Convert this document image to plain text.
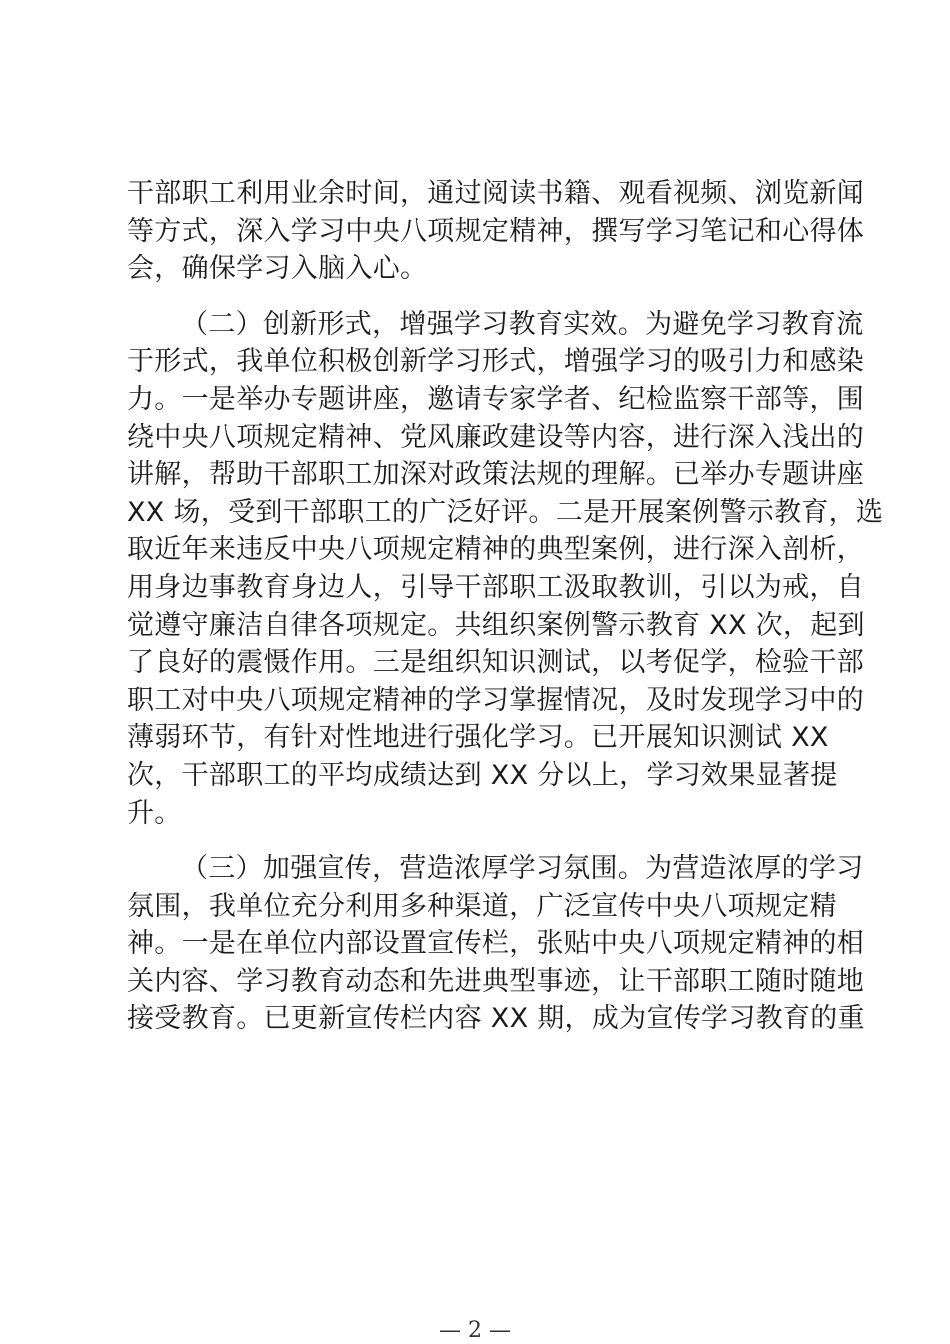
干部职工利用业余时间，通过阅读书籍、观看视频、浏览新闻
等方式，深入学习中央八项规定精神，撰写学习笔记和心得体
会，确保学习入脑入心。
（二）创新形式，增强学习教育实效。为避免学习教育流
于形式，我单位积极创新学习形式，增强学习的吸引力和感染
力。一是举办专题讲座，邀请专家学者、纪检监察干部等，围
绕中央八项规定精神、党风廉政建设等内容，进行深入浅出的
讲解，帮助干部职工加深对政策法规的理解。已举办专题讲座
XX 场，受到干部职工的广泛好评。二是开展案例警示教育，选
取近年来违反中央八项规定精神的典型案例，进行深入剖析，
用身边事教育身边人，引导干部职工汲取教训，引以为戒，自
觉遵守廉洁自律各项规定。共组织案例警示教育 XX 次，起到
了良好的震慑作用。三是组织知识测试，以考促学，检验干部
职工对中央八项规定精神的学习掌握情况，及时发现学习中的
薄弱环节，有针对性地进行强化学习。已开展知识测试 XX
次，干部职工的平均成绩达到 XX 分以上，学习效果显著提
升。
（三）加强宣传，营造浓厚学习氛围。为营造浓厚的学习
氛围，我单位充分利用多种渠道，广泛宣传中央八项规定精
神。一是在单位内部设置宣传栏，张贴中央八项规定精神的相
关内容、学习教育动态和先进典型事迹，让干部职工随时随地
接受教育。已更新宣传栏内容 XX 期，成为宣传学习教育的重
— 2 —
